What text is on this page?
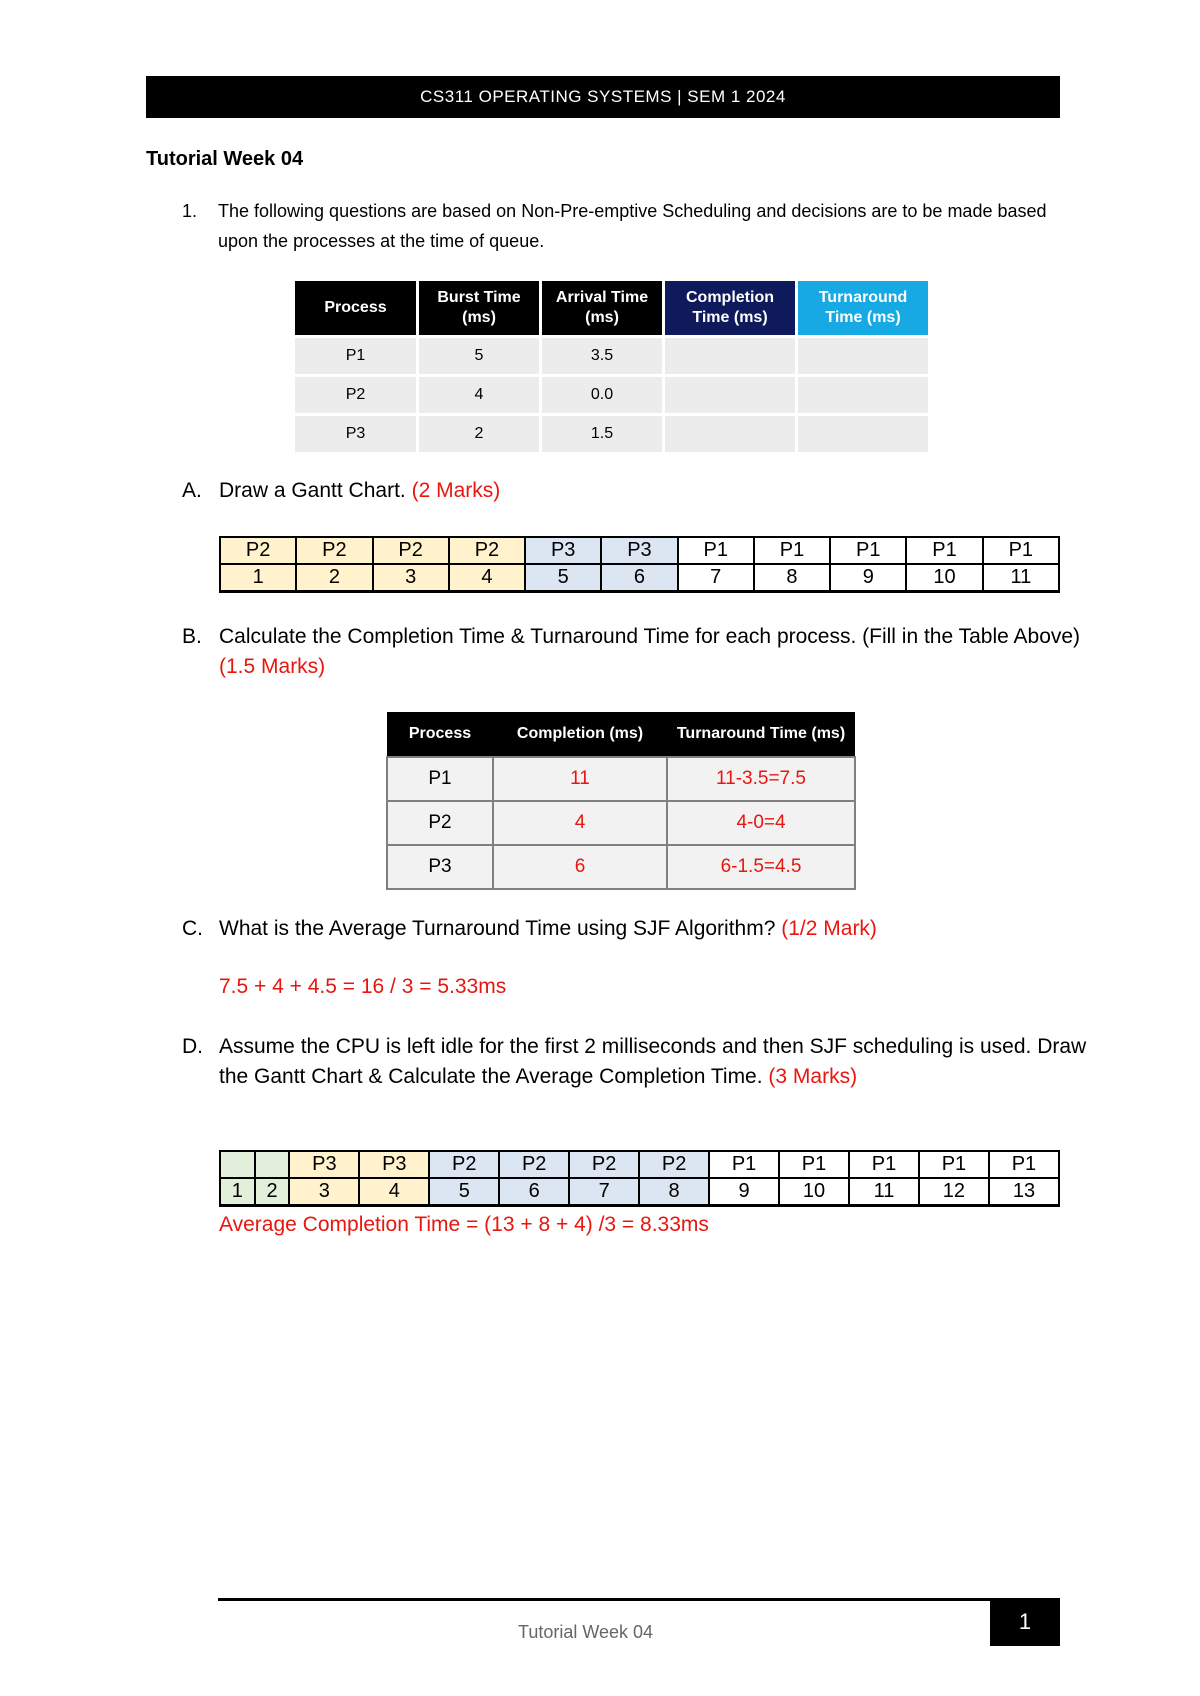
CS311 OPERATING SYSTEMS | SEM 1 2024
Tutorial Week 04
1. The following questions are based on Non-Pre-emptive Scheduling and decisions are to be made based upon the processes at the time of queue.
Process	Burst Time (ms)	Arrival Time (ms)	Completion Time (ms)	Turnaround Time (ms)
P1	5	3.5		
P2	4	0.0		
P3	2	1.5		
A. Draw a Gantt Chart. (2 Marks)
P2	P2	P2	P2	P3	P3	P1	P1	P1	P1	P1
1	2	3	4	5	6	7	8	9	10	11
B. Calculate the Completion Time & Turnaround Time for each process. (Fill in the Table Above) (1.5 Marks)
Process	Completion (ms)	Turnaround Time (ms)
P1	11	11-3.5=7.5
P2	4	4-0=4
P3	6	6-1.5=4.5
C. What is the Average Turnaround Time using SJF Algorithm? (1/2 Mark)
7.5 + 4 + 4.5 = 16 / 3 = 5.33ms
D. Assume the CPU is left idle for the first 2 milliseconds and then SJF scheduling is used. Draw the Gantt Chart & Calculate the Average Completion Time. (3 Marks)
		P3	P3	P2	P2	P2	P2	P1	P1	P1	P1	P1
1	2	3	4	5	6	7	8	9	10	11	12	13
Average Completion Time = (13 + 8 + 4) /3 = 8.33ms
Tutorial Week 04	1
